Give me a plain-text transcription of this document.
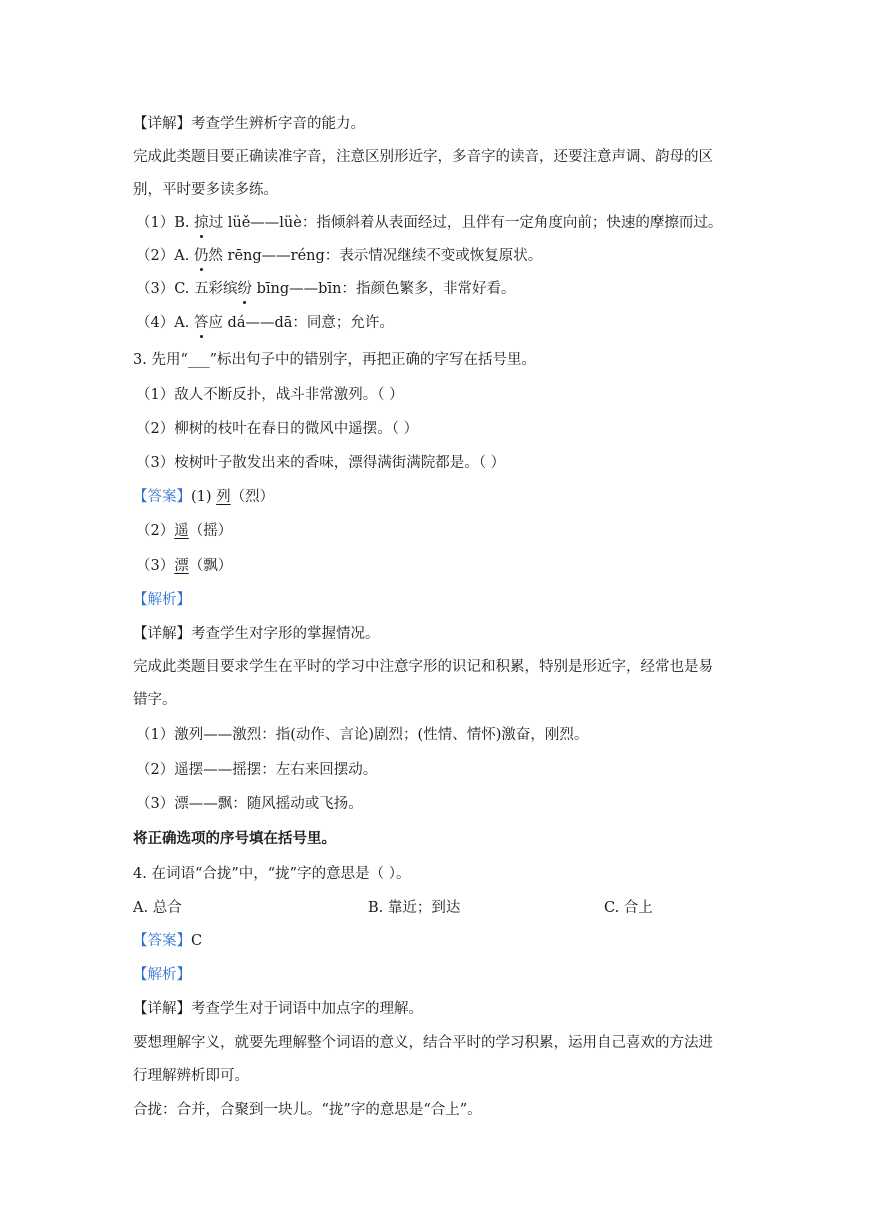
【详解】考查学生辨析字音的能力。
完成此类题目要正确读准字音，注意区别形近字，多音字的读音，还要注意声调、韵母的区
别，平时要多读多练。
（1）B. 掠过 lüě——lüè：指倾斜着从表面经过，且伴有一定角度向前；快速的摩擦而过。
（2）A. 仍然 rēng——réng：表示情况继续不变或恢复原状。
（3）C. 五彩缤纷 bīng——bīn：指颜色繁多，非常好看。
（4）A. 答应 dá——dā：同意；允许。
3. 先用“___”标出句子中的错别字，再把正确的字写在括号里。
（1）敌人不断反扑，战斗非常激列。（ ）
（2）柳树的枝叶在春日的微风中遥摆。（ ）
（3）桉树叶子散发出来的香味，漂得满街满院都是。（ ）
【答案】(1) 列（烈）
（2）遥（摇）
（3）漂（飘）
【解析】
【详解】考查学生对字形的掌握情况。
完成此类题目要求学生在平时的学习中注意字形的识记和积累，特别是形近字，经常也是易
错字。
（1）激列——激烈：指(动作、言论)剧烈；(性情、情怀)激奋，刚烈。
（2）遥摆——摇摆：左右来回摆动。
（3）漂——飘：随风摇动或飞扬。
将正确选项的序号填在括号里。
4. 在词语“合拢”中，“拢”字的意思是（ ）。
A. 总合	B. 靠近；到达	C. 合上
【答案】C
【解析】
【详解】考查学生对于词语中加点字的理解。
要想理解字义，就要先理解整个词语的意义，结合平时的学习积累，运用自己喜欢的方法进
行理解辨析即可。
合拢：合并，合聚到一块儿。“拢”字的意思是“合上”。
